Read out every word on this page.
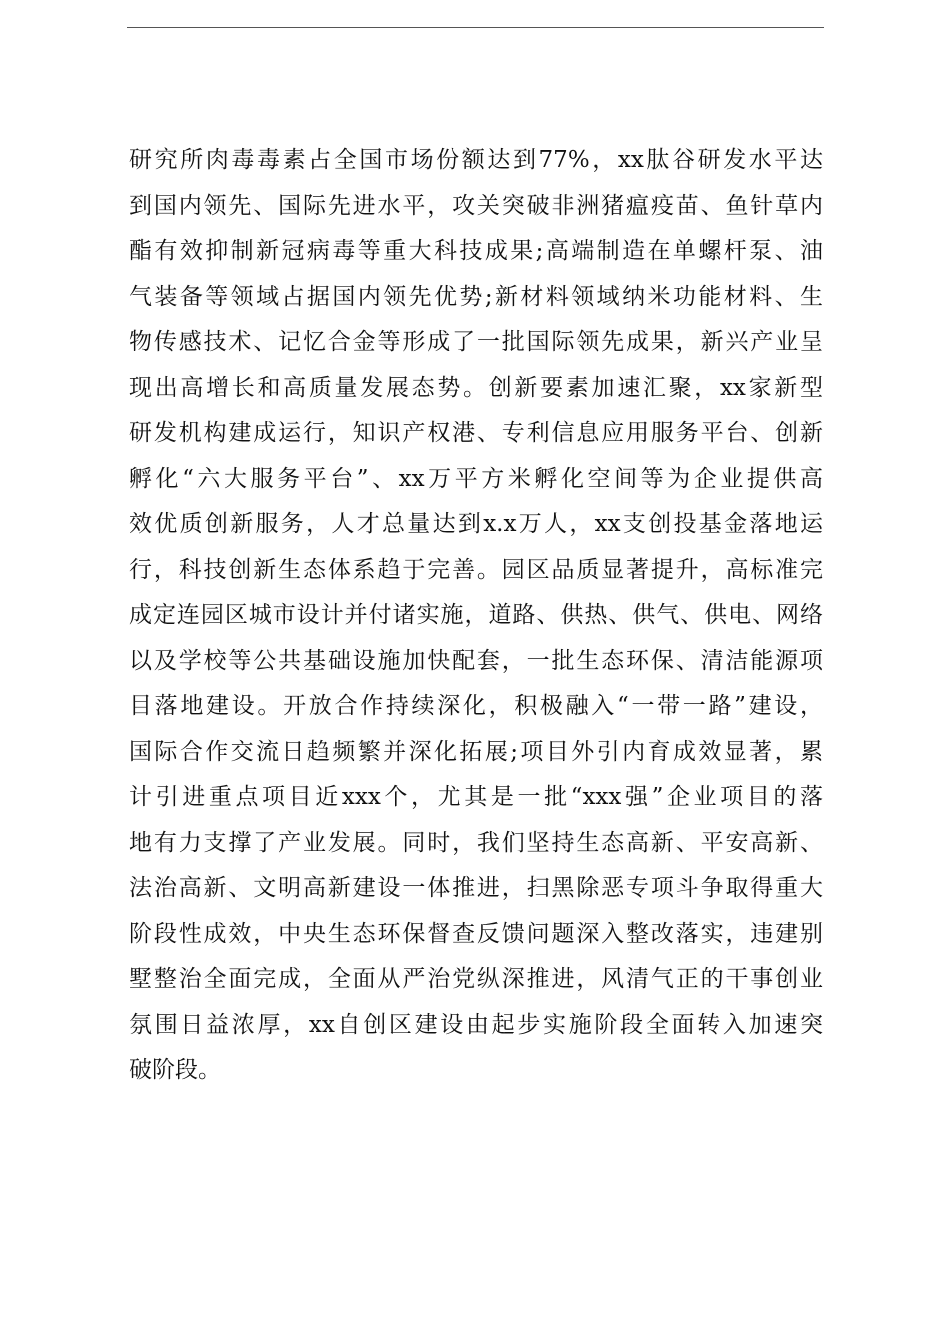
研究所肉毒毒素占全国市场份额达到77%，xx肽谷研发水平达
到国内领先、国际先进水平，攻关突破非洲猪瘟疫苗、鱼针草内
酯有效抑制新冠病毒等重大科技成果;高端制造在单螺杆泵、油
气装备等领域占据国内领先优势;新材料领域纳米功能材料、生
物传感技术、记忆合金等形成了一批国际领先成果，新兴产业呈
现出高增长和高质量发展态势。创新要素加速汇聚，xx家新型
研发机构建成运行，知识产权港、专利信息应用服务平台、创新
孵化“六大服务平台”、xx万平方米孵化空间等为企业提供高
效优质创新服务，人才总量达到x.x万人，xx支创投基金落地运
行，科技创新生态体系趋于完善。园区品质显著提升，高标准完
成定连园区城市设计并付诸实施，道路、供热、供气、供电、网络
以及学校等公共基础设施加快配套，一批生态环保、清洁能源项
目落地建设。开放合作持续深化，积极融入“一带一路”建设，
国际合作交流日趋频繁并深化拓展;项目外引内育成效显著，累
计引进重点项目近xxx个，尤其是一批“xxx强”企业项目的落
地有力支撑了产业发展。同时，我们坚持生态高新、平安高新、
法治高新、文明高新建设一体推进，扫黑除恶专项斗争取得重大
阶段性成效，中央生态环保督查反馈问题深入整改落实，违建别
墅整治全面完成，全面从严治党纵深推进，风清气正的干事创业
氛围日益浓厚，xx自创区建设由起步实施阶段全面转入加速突
破阶段。
